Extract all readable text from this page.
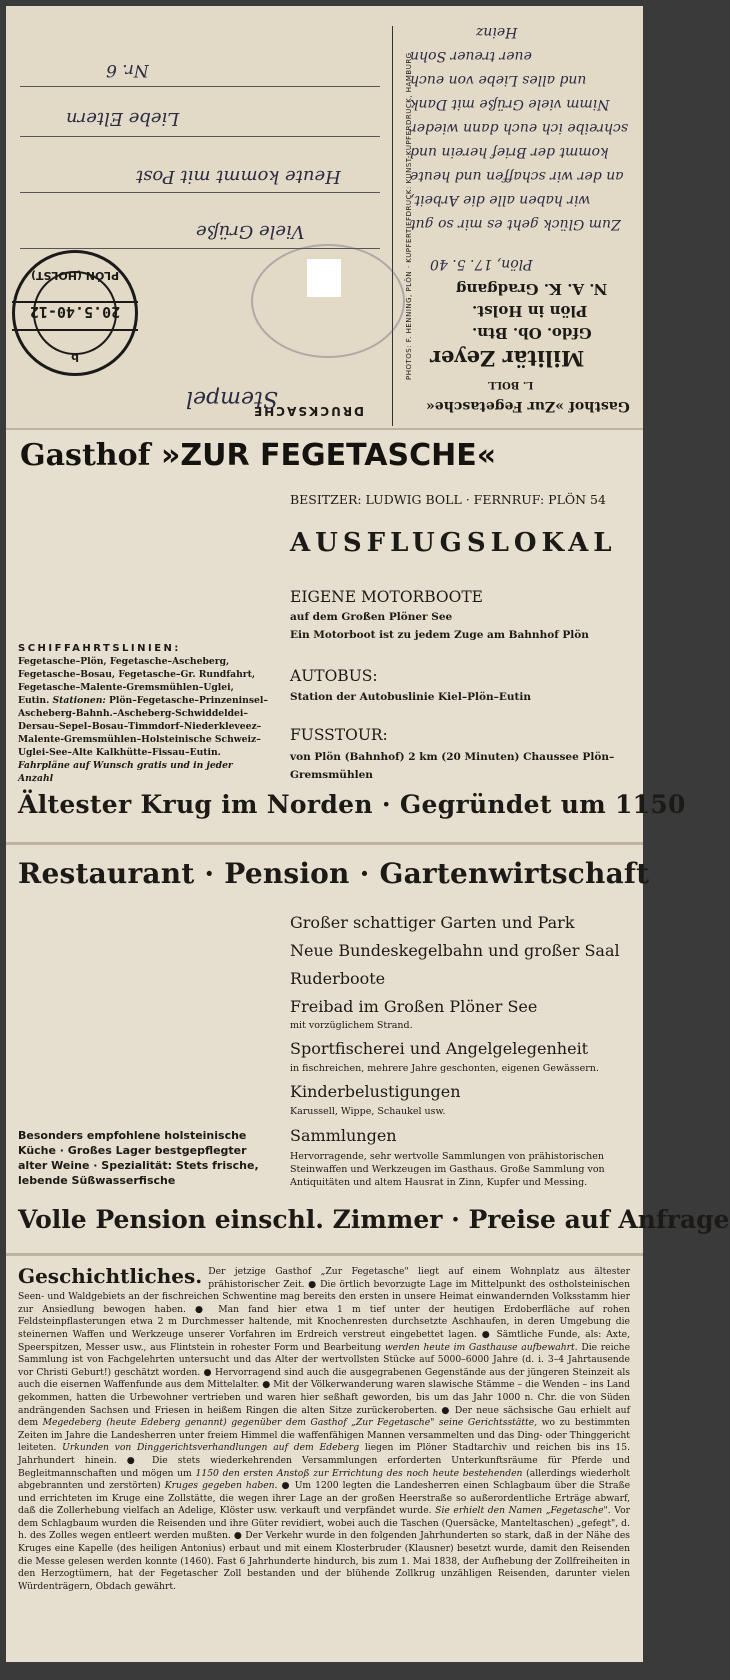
PHOTOS: F. HENNING, PLÖN · KUPFERTIEFDRUCK: KUNST-KUPFERDRUCK, HAMBURG
Nr. 6
Liebe Eltern
Heute kommt mit Post
Viele Grüße
20.5.40-12
PLÖN (HOLST)
b
DRUCKSACHE
Stempel	Gasthof »Zur Fegetasche«
L. BOLL
Militär Zeyer
Gfdo. Ob. Btn.
Plön in Holst.
N. A. K. Gradgang
Plön, 17. 5. 40
Zum Glück geht es mir so gut
wir haben alle die Arbeit,
an der wir schaffen und heute
kommt der Brief herein und
schreibe ich euch dann wieder
Nimm viele Grüße mit Dank
und alles Liebe von euch
euer treuer Sohn
Heinz
Gasthof »ZUR FEGETASCHE«
BESITZER: LUDWIG BOLL · FERNRUF: PLÖN 54
AUSFLUGSLOKAL
EIGENE MOTORBOOTE
auf dem Großen Plöner See
Ein Motorboot ist zu jedem Zuge am Bahnhof Plön
AUTOBUS:
Station der Autobuslinie Kiel–Plön–Eutin
FUSSTOUR:
von Plön (Bahnhof) 2 km (20 Minuten) Chaussee Plön–
Gremsmühlen
SCHIFFAHRTSLINIEN:
Fegetasche–Plön, Fegetasche–Ascheberg, Fegetasche–Bosau, Fegetasche–Gr. Rundfahrt, Fegetasche–Malente-Gremsmühlen–Uglei, Eutin. Stationen: Plön–Fegetasche–Prinzeninsel–Ascheberg-Bahnh.–Ascheberg-Schwiddeldei–Dersau–Sepel–Bosau–Timmdorf–Niederkleveez–Malente-Gremsmühlen–Holsteinische Schweiz–Uglei-See–Alte Kalkhütte–Fissau–Eutin.
Fahrpläne auf Wunsch gratis und in jeder Anzahl
Ältester Krug im Norden · Gegründet um 1150
Restaurant · Pension · Gartenwirtschaft
Großer schattiger Garten und Park
Neue Bundeskegelbahn und großer Saal
Ruderboote
Freibad im Großen Plöner See
mit vorzüglichem Strand.
Sportfischerei und Angelgelegenheit
in fischreichen, mehrere Jahre geschonten, eigenen Gewässern.
Kinderbelustigungen
Karussell, Wippe, Schaukel usw.
Sammlungen
Hervorragende, sehr wertvolle Sammlungen von prähistorischen Steinwaffen und Werkzeugen im Gasthaus. Große Sammlung von Antiquitäten und altem Hausrat in Zinn, Kupfer und Messing.
Besonders empfohlene holsteinische Küche · Großes Lager bestgepflegter alter Weine · Spezialität: Stets frische, lebende Süßwasserfische
Volle Pension einschl. Zimmer · Preise auf Anfrage
Geschichtliches. Der jetzige Gasthof „Zur Fegetasche" liegt auf einem Wohnplatz aus ältester prähistorischer Zeit. ● Die örtlich bevorzugte Lage im Mittelpunkt des ostholsteinischen Seen- und Waldgebiets an der fischreichen Schwentine mag bereits den ersten in unsere Heimat einwandernden Volksstamm hier zur Ansiedlung bewogen haben. ● Man fand hier etwa 1 m tief unter der heutigen Erdoberfläche auf rohen Feldsteinpflasterungen etwa 2 m Durchmesser haltende, mit Knochenresten durchsetzte Aschhaufen, in deren Umgebung die steinernen Waffen und Werkzeuge unserer Vorfahren im Erdreich verstreut eingebettet lagen. ● Sämtliche Funde, als: Axte, Speerspitzen, Messer usw., aus Flintstein in rohester Form und Bearbeitung werden heute im Gasthause aufbewahrt. Die reiche Sammlung ist von Fachgelehrten untersucht und das Alter der wertvollsten Stücke auf 5000–6000 Jahre (d. i. 3–4 Jahrtausende vor Christi Geburt!) geschätzt worden. ● Hervorragend sind auch die ausgegrabenen Gegenstände aus der jüngeren Steinzeit als auch die eisernen Waffenfunde aus dem Mittelalter. ● Mit der Völkerwanderung waren slawische Stämme – die Wenden – ins Land gekommen, hatten die Urbewohner vertrieben und waren hier seßhaft geworden, bis um das Jahr 1000 n. Chr. die von Süden andrängenden Sachsen und Friesen in heißem Ringen die alten Sitze zurückeroberten. ● Der neue sächsische Gau erhielt auf dem Megedeberg (heute Edeberg genannt) gegenüber dem Gasthof „Zur Fegetasche" seine Gerichtsstätte, wo zu bestimmten Zeiten im Jahre die Landesherren unter freiem Himmel die waffenfähigen Mannen versammelten und das Ding- oder Thinggericht leiteten. Urkunden von Dinggerichtsverhandlungen auf dem Edeberg liegen im Plöner Stadtarchiv und reichen bis ins 15. Jahrhundert hinein. ● Die stets wiederkehrenden Versammlungen erforderten Unterkunftsräume für Pferde und Begleitmannschaften und mögen um 1150 den ersten Anstoß zur Errichtung des noch heute bestehenden (allerdings wiederholt abgebrannten und zerstörten) Kruges gegeben haben. ● Um 1200 legten die Landesherren einen Schlagbaum über die Straße und errichteten im Kruge eine Zollstätte, die wegen ihrer Lage an der großen Heerstraße so außerordentliche Erträge abwarf, daß die Zollerhebung vielfach an Adelige, Klöster usw. verkauft und verpfändet wurde. Sie erhielt den Namen „Fegetasche". Vor dem Schlagbaum wurden die Reisenden und ihre Güter revidiert, wobei auch die Taschen (Quersäcke, Manteltaschen) „gefegt", d. h. des Zolles wegen entleert werden mußten. ● Der Verkehr wurde in den folgenden Jahrhunderten so stark, daß in der Nähe des Kruges eine Kapelle (des heiligen Antonius) erbaut und mit einem Klosterbruder (Klausner) besetzt wurde, damit den Reisenden die Messe gelesen werden konnte (1460). Fast 6 Jahrhunderte hindurch, bis zum 1. Mai 1838, der Aufhebung der Zollfreiheiten in den Herzogtümern, hat der Fegetascher Zoll bestanden und der blühende Zollkrug unzähligen Reisenden, darunter vielen Würdenträgern, Obdach gewährt.
